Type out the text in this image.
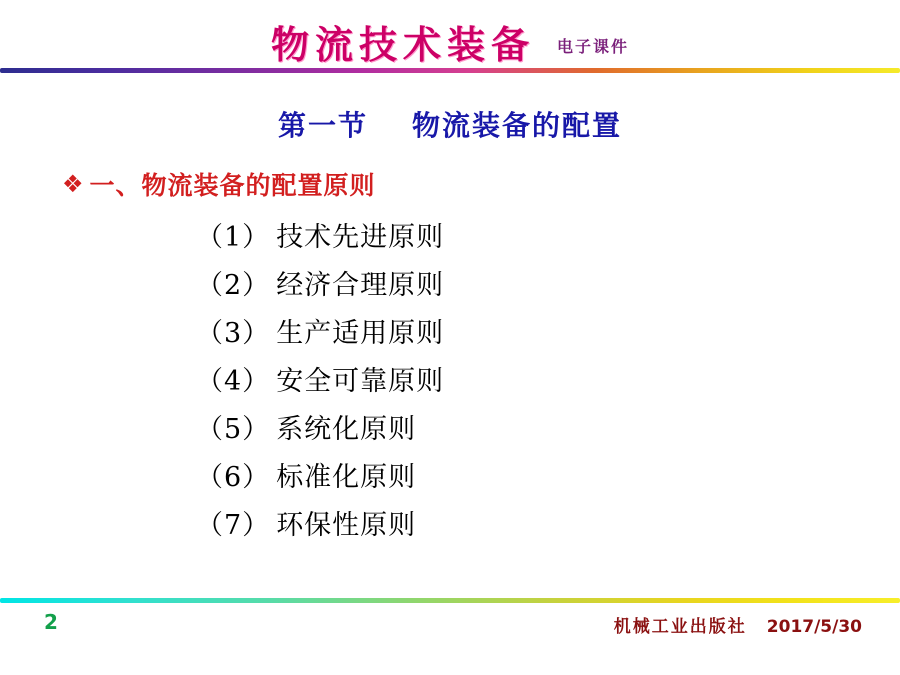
物流技术装备 电子课件
第一节 物流装备的配置
❖ 一、物流装备的配置原则
（1） 技术先进原则
（2） 经济合理原则
（3） 生产适用原则
（4） 安全可靠原则
（5） 系统化原则
（6） 标准化原则
（7） 环保性原则
2	机械工业出版社 2017/5/30
